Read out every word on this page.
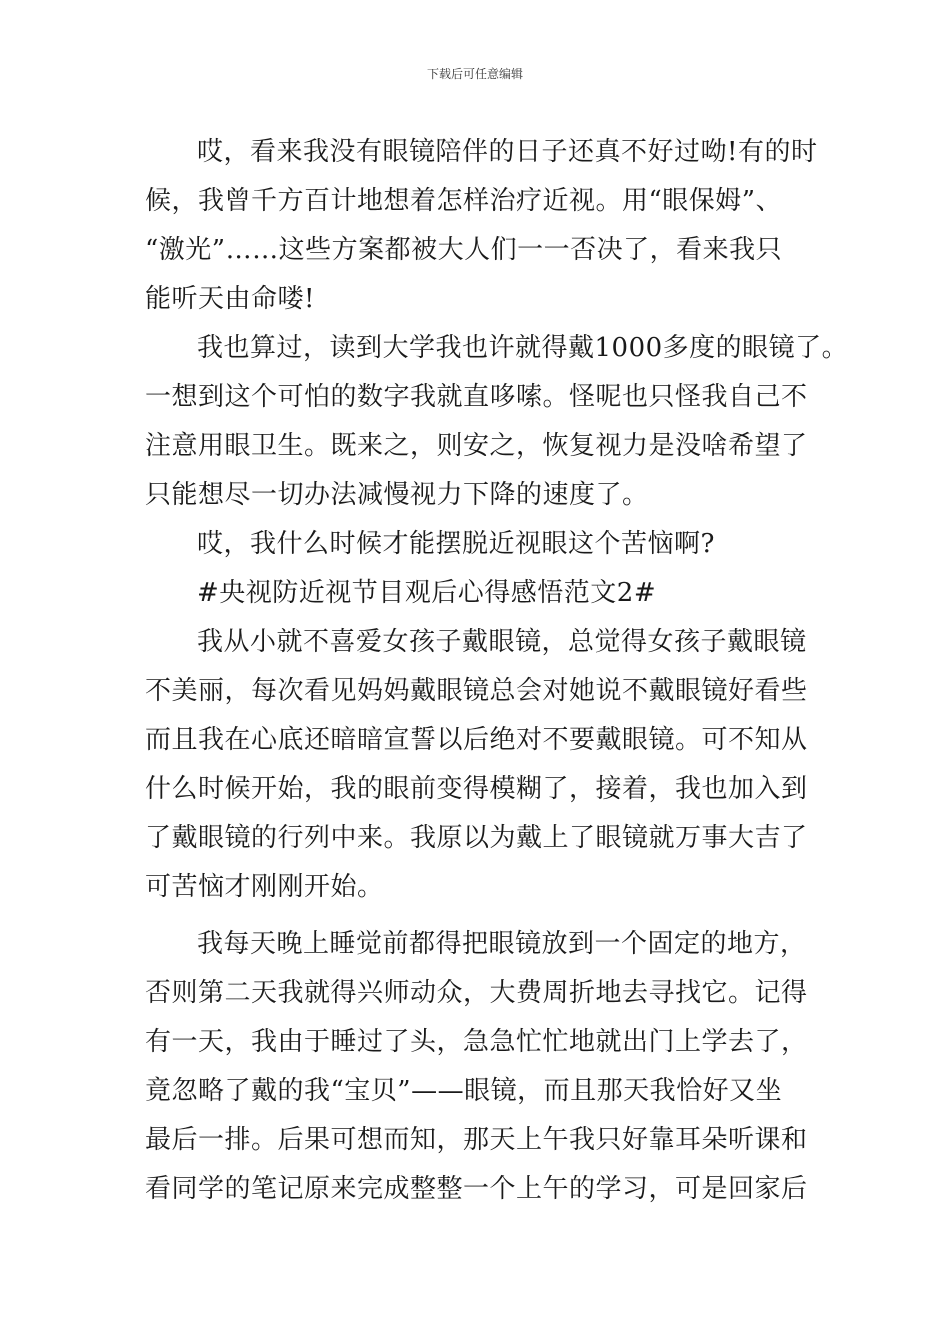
下载后可任意编辑
哎，看来我没有眼镜陪伴的日子还真不好过呦!有的时
候，我曾千方百计地想着怎样治疗近视。用“眼保姆”、
“激光”……这些方案都被大人们一一否决了，看来我只
能听天由命喽!
我也算过，读到大学我也许就得戴1000多度的眼镜了。
一想到这个可怕的数字我就直哆嗦。怪呢也只怪我自己不
注意用眼卫生。既来之，则安之，恢复视力是没啥希望了
只能想尽一切办法减慢视力下降的速度了。
哎，我什么时候才能摆脱近视眼这个苦恼啊?
#央视防近视节目观后心得感悟范文2#
我从小就不喜爱女孩子戴眼镜，总觉得女孩子戴眼镜
不美丽，每次看见妈妈戴眼镜总会对她说不戴眼镜好看些
而且我在心底还暗暗宣誓以后绝对不要戴眼镜。可不知从
什么时候开始，我的眼前变得模糊了，接着，我也加入到
了戴眼镜的行列中来。我原以为戴上了眼镜就万事大吉了
可苦恼才刚刚开始。
我每天晚上睡觉前都得把眼镜放到一个固定的地方，
否则第二天我就得兴师动众，大费周折地去寻找它。记得
有一天，我由于睡过了头，急急忙忙地就出门上学去了，
竟忽略了戴的我“宝贝”——眼镜，而且那天我恰好又坐
最后一排。后果可想而知，那天上午我只好靠耳朵听课和
看同学的笔记原来完成整整一个上午的学习，可是回家后
